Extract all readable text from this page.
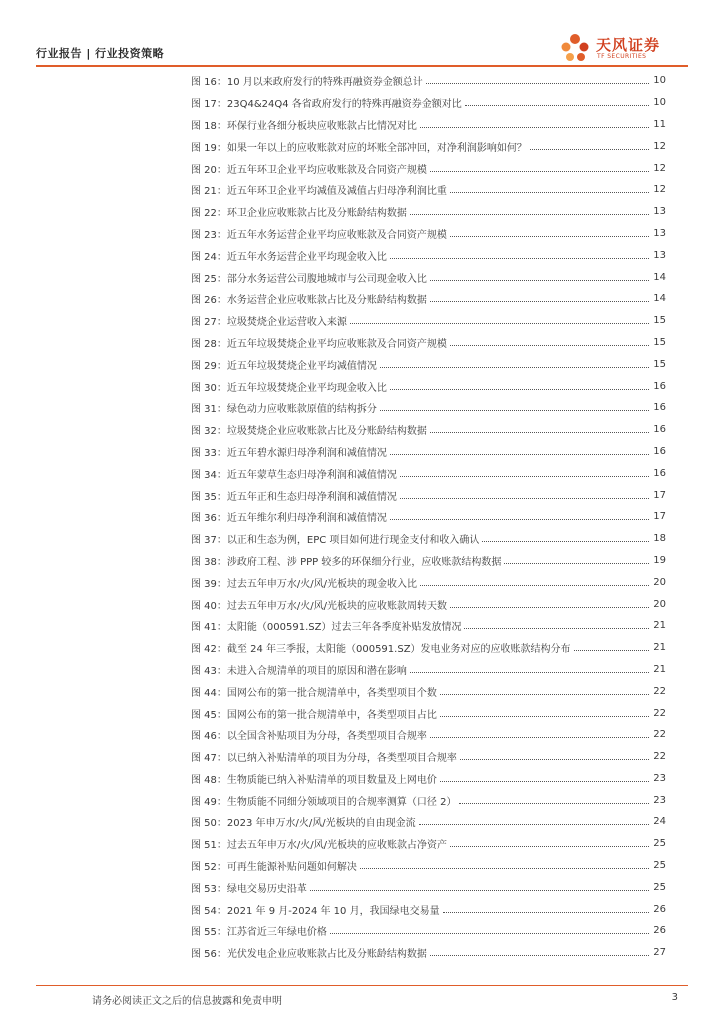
行业报告 | 行业投资策略	天风证券
TF SECURITIES
图 16： 10 月以来政府发行的特殊再融资券金额总计	10
图 17： 23Q4&24Q4 各省政府发行的特殊再融资券金额对比	10
图 18： 环保行业各细分板块应收账款占比情况对比	11
图 19： 如果一年以上的应收账款对应的坏账全部冲回，对净利润影响如何？	12
图 20： 近五年环卫企业平均应收账款及合同资产规模	12
图 21： 近五年环卫企业平均减值及减值占归母净利润比重	12
图 22： 环卫企业应收账款占比及分账龄结构数据	13
图 23： 近五年水务运营企业平均应收账款及合同资产规模	13
图 24： 近五年水务运营企业平均现金收入比	13
图 25： 部分水务运营公司腹地城市与公司现金收入比	14
图 26： 水务运营企业应收账款占比及分账龄结构数据	14
图 27： 垃圾焚烧企业运营收入来源	15
图 28： 近五年垃圾焚烧企业平均应收账款及合同资产规模	15
图 29： 近五年垃圾焚烧企业平均减值情况	15
图 30： 近五年垃圾焚烧企业平均现金收入比	16
图 31： 绿色动力应收账款原值的结构拆分	16
图 32： 垃圾焚烧企业应收账款占比及分账龄结构数据	16
图 33： 近五年碧水源归母净利润和减值情况	16
图 34： 近五年蒙草生态归母净利润和减值情况	16
图 35： 近五年正和生态归母净利润和减值情况	17
图 36： 近五年维尔利归母净利润和减值情况	17
图 37： 以正和生态为例，EPC 项目如何进行现金支付和收入确认	18
图 38： 涉政府工程、涉 PPP 较多的环保细分行业，应收账款结构数据	19
图 39： 过去五年申万水/火/风/光板块的现金收入比	20
图 40： 过去五年申万水/火/风/光板块的应收账款周转天数	20
图 41： 太阳能（000591.SZ）过去三年各季度补贴发放情况	21
图 42： 截至 24 年三季报，太阳能（000591.SZ）发电业务对应的应收账款结构分布	21
图 43： 未进入合规清单的项目的原因和潜在影响	21
图 44： 国网公布的第一批合规清单中，各类型项目个数	22
图 45： 国网公布的第一批合规清单中，各类型项目占比	22
图 46： 以全国含补贴项目为分母，各类型项目合规率	22
图 47： 以已纳入补贴清单的项目为分母，各类型项目合规率	22
图 48： 生物质能已纳入补贴清单的项目数量及上网电价	23
图 49： 生物质能不同细分领域项目的合规率测算（口径 2）	23
图 50： 2023 年申万水/火/风/光板块的自由现金流	24
图 51： 过去五年申万水/火/风/光板块的应收账款占净资产	25
图 52： 可再生能源补贴问题如何解决	25
图 53： 绿电交易历史沿革	25
图 54： 2021 年 9 月-2024 年 10 月，我国绿电交易量	26
图 55： 江苏省近三年绿电价格	26
图 56： 光伏发电企业应收账款占比及分账龄结构数据	27
请务必阅读正文之后的信息披露和免责申明	3
